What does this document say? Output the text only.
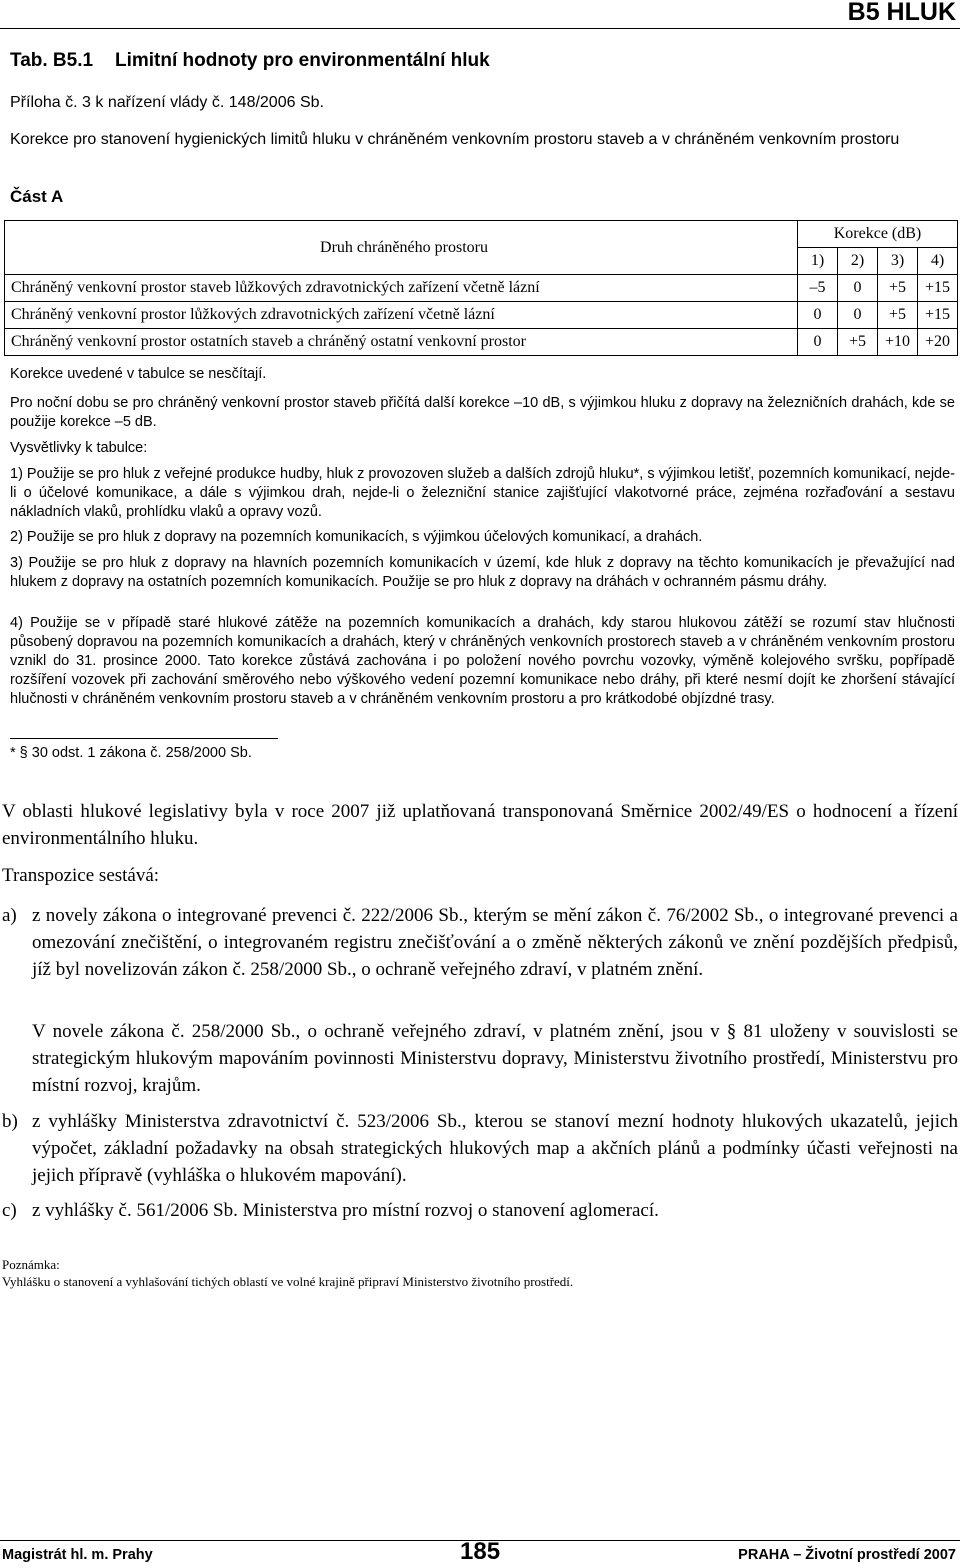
B5 HLUK
Tab. B5.1 Limitní hodnoty pro environmentální hluk
Příloha č. 3 k nařízení vlády č. 148/2006 Sb.
Korekce pro stanovení hygienických limitů hluku v chráněném venkovním prostoru staveb a v chráněném venkovním prostoru
Část A
Druh chráněného prostoru	Korekce (dB)			
	1)	2)	3)	4)
Chráněný venkovní prostor staveb lůžkových zdravotnických zařízení včetně lázní	–5	0	+5	+15
Chráněný venkovní prostor lůžkových zdravotnických zařízení včetně lázní	0	0	+5	+15
Chráněný venkovní prostor ostatních staveb a chráněný ostatní venkovní prostor	0	+5	+10	+20
Korekce uvedené v tabulce se nesčítají.
Pro noční dobu se pro chráněný venkovní prostor staveb přičítá další korekce –10 dB, s výjimkou hluku z dopravy na železničních drahách, kde se použije korekce –5 dB.
Vysvětlivky k tabulce:
1) Použije se pro hluk z veřejné produkce hudby, hluk z provozoven služeb a dalších zdrojů hluku*, s výjimkou letišť, pozemních komunikací, nejde-li o účelové komunikace, a dále s výjimkou drah, nejde-li o železniční stanice zajišťující vlakotvorné práce, zejména rozřaďování a sestavu nákladních vlaků, prohlídku vlaků a opravy vozů.
2) Použije se pro hluk z dopravy na pozemních komunikacích, s výjimkou účelových komunikací, a drahách.
3) Použije se pro hluk z dopravy na hlavních pozemních komunikacích v území, kde hluk z dopravy na těchto komunikacích je převažující nad hlukem z dopravy na ostatních pozemních komunikacích. Použije se pro hluk z dopravy na dráhách v ochranném pásmu dráhy.
4) Použije se v případě staré hlukové zátěže na pozemních komunikacích a drahách, kdy starou hlukovou zátěží se rozumí stav hlučnosti působený dopravou na pozemních komunikacích a drahách, který v chráněných venkovních prostorech staveb a v chráněném venkovním prostoru vznikl do 31. prosince 2000. Tato korekce zůstává zachována i po položení nového povrchu vozovky, výměně kolejového svršku, popřípadě rozšíření vozovek při zachování směrového nebo výškového vedení pozemní komunikace nebo dráhy, při které nesmí dojít ke zhoršení stávající hlučnosti v chráněném venkovním prostoru staveb a v chráněném venkovním prostoru a pro krátkodobé objízdné trasy.
* § 30 odst. 1 zákona č. 258/2000 Sb.
V oblasti hlukové legislativy byla v roce 2007 již uplatňovaná transponovaná Směrnice 2002/49/ES o hodnocení a řízení environmentálního hluku.
Transpozice sestává:
a) z novely zákona o integrované prevenci č. 222/2006 Sb., kterým se mění zákon č. 76/2002 Sb., o integrované prevenci a omezování znečištění, o integrovaném registru znečišťování a o změně některých zákonů ve znění pozdějších předpisů, jíž byl novelizován zákon č. 258/2000 Sb., o ochraně veřejného zdraví, v platném znění.
V novele zákona č. 258/2000 Sb., o ochraně veřejného zdraví, v platném znění, jsou v § 81 uloženy v souvislosti se strategickým hlukovým mapováním povinnosti Ministerstvu dopravy, Ministerstvu životního prostředí, Ministerstvu pro místní rozvoj, krajům.
b) z vyhlášky Ministerstva zdravotnictví č. 523/2006 Sb., kterou se stanoví mezní hodnoty hlukových ukazatelů, jejich výpočet, základní požadavky na obsah strategických hlukových map a akčních plánů a podmínky účasti veřejnosti na jejich přípravě (vyhláška o hlukovém mapování).
c) z vyhlášky č. 561/2006 Sb. Ministerstva pro místní rozvoj o stanovení aglomerací.
Poznámka:
Vyhlášku o stanovení a vyhlašování tichých oblastí ve volné krajině připraví Ministerstvo životního prostředí.
Magistrát hl. m. Prahy	185	PRAHA – Životní prostředí 2007
